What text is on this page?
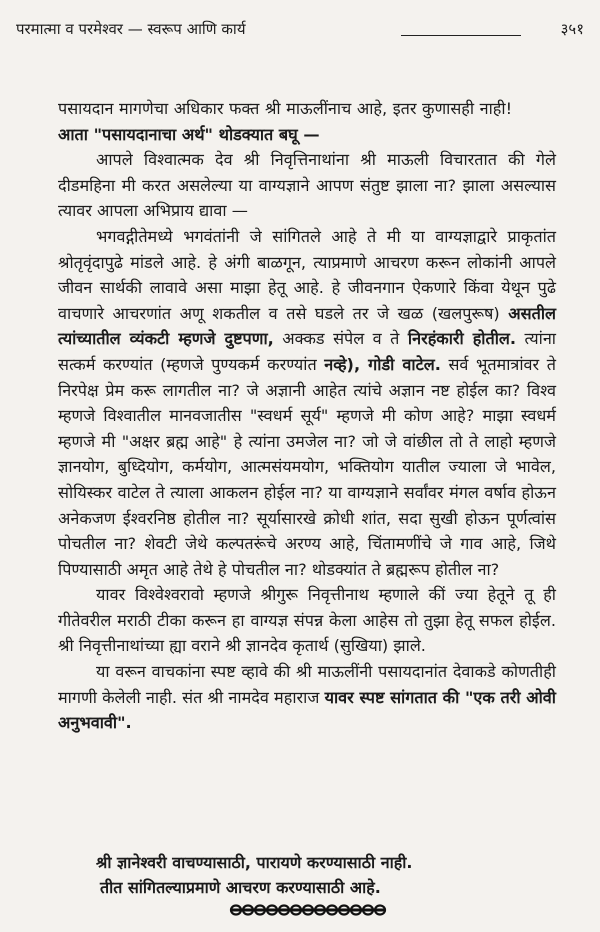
परमात्मा व परमेश्वर — स्वरूप आणि कार्य	३५१

पसायदान मागणेचा अधिकार फक्त श्री माऊलींनाच आहे, इतर कुणासही नाही!         आता "पसायदानाचा अर्थ" थोडक्यात बघू —

आपले विश्वात्मक देव श्री निवृत्तिनाथांना श्री माऊली विचारतात की गेले दीडमहिना मी करत असलेल्या या वाग्यज्ञाने आपण संतुष्ट झाला ना? झाला असल्यास त्यावर आपला अभिप्राय द्यावा —

भगवद्गीतेमध्ये भगवंतांनी जे सांगितले आहे ते मी या वाग्यज्ञाद्वारे प्राकृतांत श्रोतृवृंदापुढे मांडले आहे. हे अंगी बाळगून, त्याप्रमाणे आचरण करून लोकांनी आपले जीवन सार्थकी लावावे असा माझा हेतू आहे. हे जीवनगान ऐकणारे किंवा येथून पुढे वाचणारे आचरणांत अणू शकतील व तसे घडले तर जे खळ (खलपुरूष) असतील त्यांच्यातील व्यंकटी म्हणजे दुष्टपणा, अक्कड संपेल व ते निरहंकारी होतील. त्यांना सत्कर्म करण्यांत (म्हणजे पुण्यकर्म करण्यांत नव्हे), गोडी वाटेल. सर्व भूतमात्रांवर ते निरपेक्ष प्रेम करू लागतील ना? जे अज्ञानी आहेत त्यांचे अज्ञान नष्ट होईल का? विश्व म्हणजे विश्वातील मानवजातीस "स्वधर्म सूर्य" म्हणजे मी कोण आहे? माझा स्वधर्म म्हणजे मी "अक्षर ब्रह्म आहे" हे त्यांना उमजेल ना? जो जे वांछील तो ते लाहो म्हणजे ज्ञानयोग, बुध्दियोग, कर्मयोग, आत्मसंयमयोग, भक्तियोग यातील ज्याला जे भावेल, सोयिस्कर वाटेल ते त्याला आकलन होईल ना? या वाग्यज्ञाने सर्वांवर मंगल वर्षाव होऊन अनेकजण ईश्वरनिष्ठ होतील ना? सूर्यासारखे क्रोधी शांत, सदा सुखी होऊन पूर्णत्वांस पोचतील ना? शेवटी जेथे कल्पतरूंचे अरण्य आहे, चिंतामणींचे जे गाव आहे, जिथे पिण्यासाठी अमृत आहे तेथे हे पोचतील ना? थोडक्यांत ते ब्रह्मरूप होतील ना?

यावर विश्वेश्वरावो म्हणजे श्रीगुरू निवृत्तीनाथ म्हणाले कीं ज्या हेतूने तू ही गीतेवरील मराठी टीका करून हा वाग्यज्ञ संपन्न केला आहेस तो तुझा हेतू सफल होईल. श्री निवृत्तीनाथांच्या ह्या वराने श्री ज्ञानदेव कृतार्थ (सुखिया) झाले.

या वरून वाचकांना स्पष्ट व्हावे की श्री माऊलींनी पसायदानांत देवाकडे कोणतीही मागणी केलेली नाही. संत श्री नामदेव महाराज यावर स्पष्ट सांगतात की "एक तरी ओवी अनुभवावी".

श्री ज्ञानेश्वरी वाचण्यासाठी, पारायणे करण्यासाठी नाही.
तीत सांगितल्याप्रमाणे आचरण करण्यासाठी आहे.
